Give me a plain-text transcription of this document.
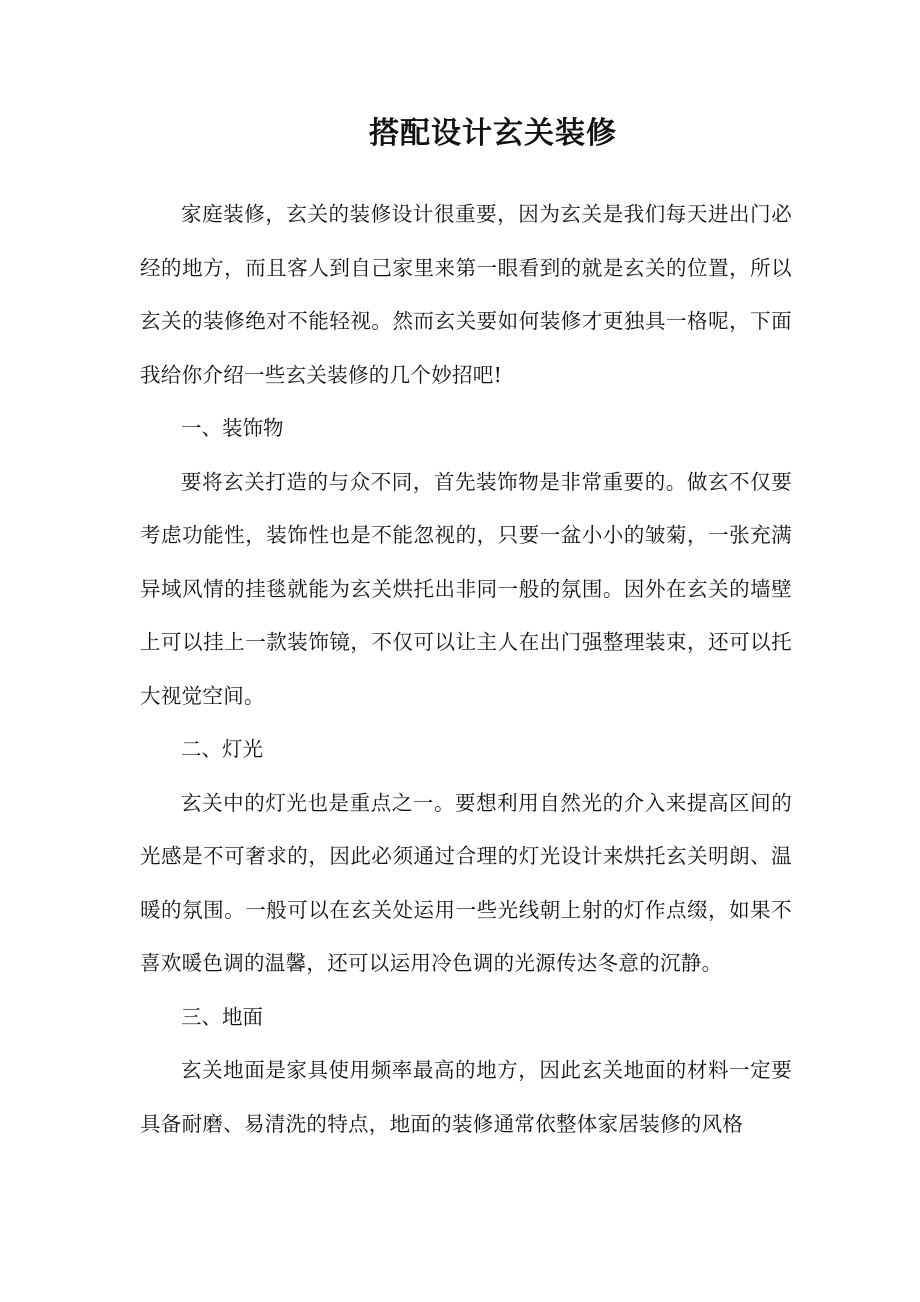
搭配设计玄关装修

家庭装修，玄关的装修设计很重要，因为玄关是我们每天进出门必经的地方，而且客人到自己家里来第一眼看到的就是玄关的位置，所以玄关的装修绝对不能轻视。然而玄关要如何装修才更独具一格呢，下面我给你介绍一些玄关装修的几个妙招吧!

一、装饰物

要将玄关打造的与众不同，首先装饰物是非常重要的。做玄不仅要考虑功能性，装饰性也是不能忽视的，只要一盆小小的皱菊，一张充满异域风情的挂毯就能为玄关烘托出非同一般的氛围。因外在玄关的墙壁上可以挂上一款装饰镜，不仅可以让主人在出门强整理装束，还可以托大视觉空间。

二、灯光

玄关中的灯光也是重点之一。要想利用自然光的介入来提高区间的光感是不可奢求的，因此必须通过合理的灯光设计来烘托玄关明朗、温暖的氛围。一般可以在玄关处运用一些光线朝上射的灯作点缀，如果不喜欢暖色调的温馨，还可以运用冷色调的光源传达冬意的沉静。

三、地面

玄关地面是家具使用频率最高的地方，因此玄关地面的材料一定要具备耐磨、易清洗的特点，地面的装修通常依整体家居装修的风格
